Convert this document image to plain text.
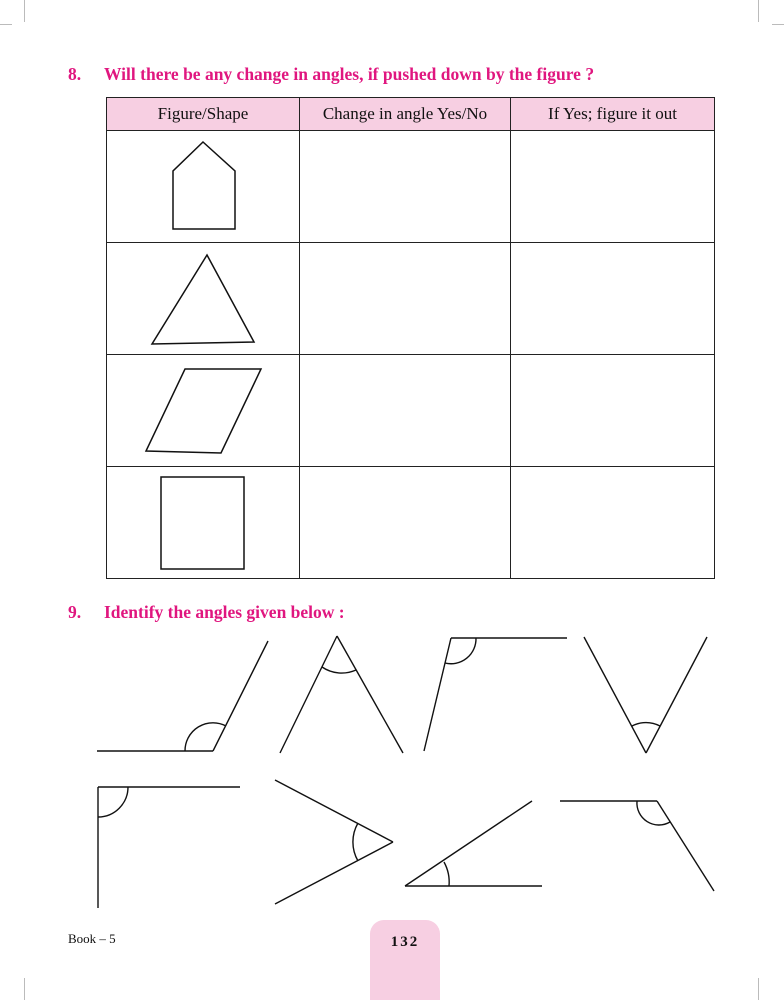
8. Will there be any change in angles, if pushed down by the figure ?
Figure/Shape	Change in angle Yes/No	If Yes; figure it out

9. Identify the angles given below :
Book – 5	132
